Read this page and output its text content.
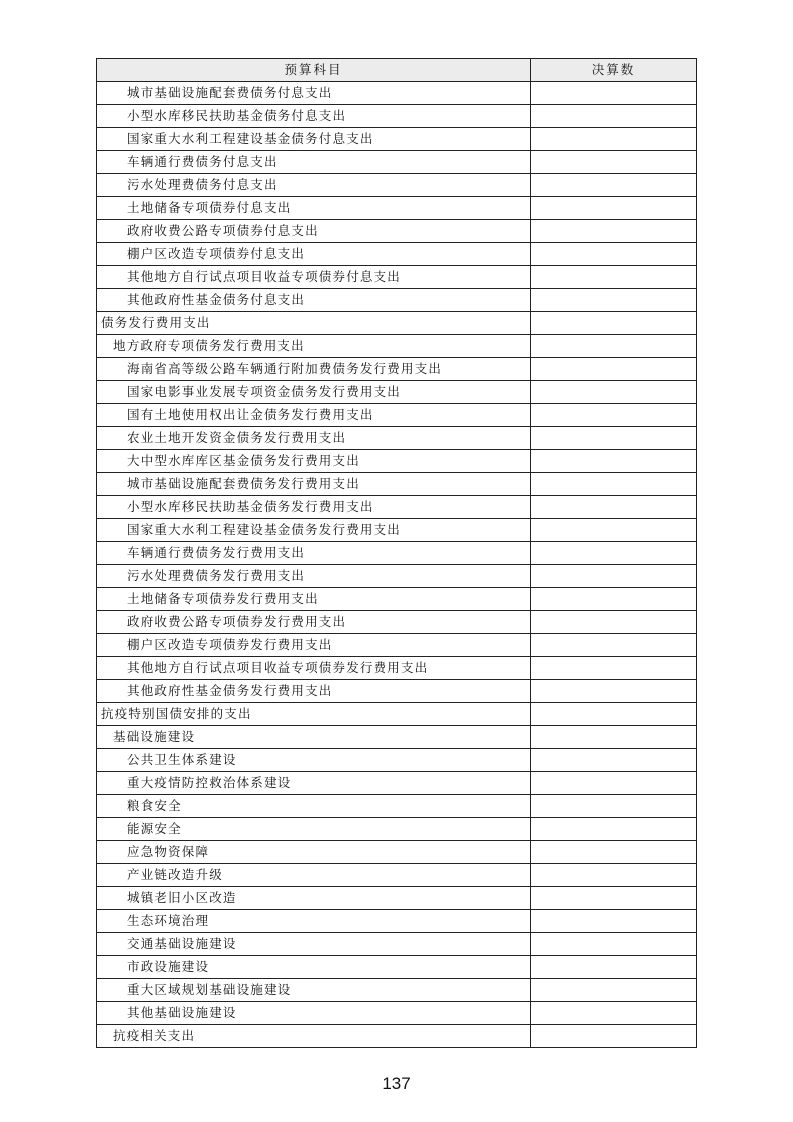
预算科目	决算数
城市基础设施配套费债务付息支出	
小型水库移民扶助基金债务付息支出	
国家重大水利工程建设基金债务付息支出	
车辆通行费债务付息支出	
污水处理费债务付息支出	
土地储备专项债券付息支出	
政府收费公路专项债券付息支出	
棚户区改造专项债券付息支出	
其他地方自行试点项目收益专项债券付息支出	
其他政府性基金债务付息支出	
债务发行费用支出	
地方政府专项债务发行费用支出	
海南省高等级公路车辆通行附加费债务发行费用支出	
国家电影事业发展专项资金债务发行费用支出	
国有土地使用权出让金债务发行费用支出	
农业土地开发资金债务发行费用支出	
大中型水库库区基金债务发行费用支出	
城市基础设施配套费债务发行费用支出	
小型水库移民扶助基金债务发行费用支出	
国家重大水利工程建设基金债务发行费用支出	
车辆通行费债务发行费用支出	
污水处理费债务发行费用支出	
土地储备专项债券发行费用支出	
政府收费公路专项债券发行费用支出	
棚户区改造专项债券发行费用支出	
其他地方自行试点项目收益专项债券发行费用支出	
其他政府性基金债务发行费用支出	
抗疫特别国债安排的支出	
基础设施建设	
公共卫生体系建设	
重大疫情防控救治体系建设	
粮食安全	
能源安全	
应急物资保障	
产业链改造升级	
城镇老旧小区改造	
生态环境治理	
交通基础设施建设	
市政设施建设	
重大区域规划基础设施建设	
其他基础设施建设	
抗疫相关支出	
137
